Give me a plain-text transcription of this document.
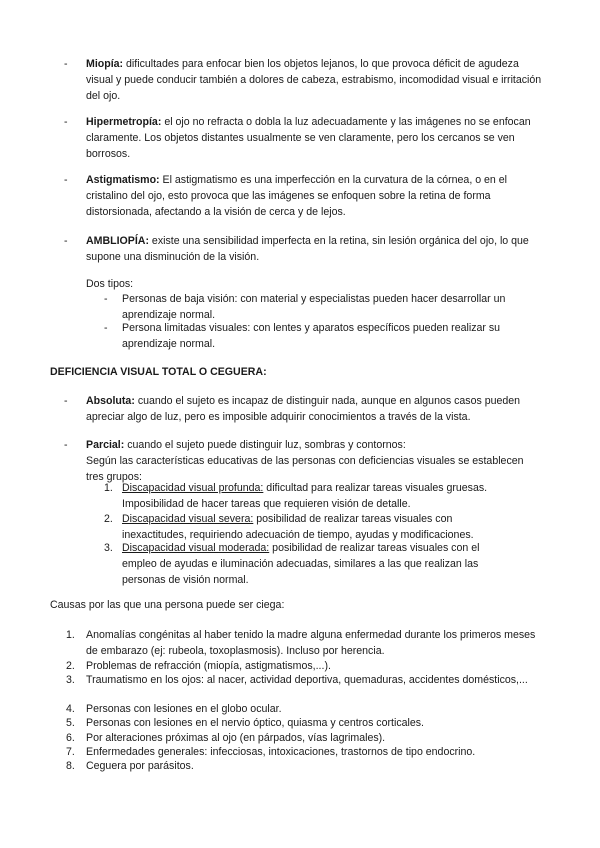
- Miopía: dificultades para enfocar bien los objetos lejanos, lo que provoca déficit de agudeza visual y puede conducir también a dolores de cabeza, estrabismo, incomodidad visual e irritación del ojo.
- Hipermetropía: el ojo no refracta o dobla la luz adecuadamente y las imágenes no se enfocan claramente. Los objetos distantes usualmente se ven claramente, pero los cercanos se ven borrosos.
- Astigmatismo: El astigmatismo es una imperfección en la curvatura de la córnea, o en el cristalino del ojo, esto provoca que las imágenes se enfoquen sobre la retina de forma distorsionada, afectando a la visión de cerca y de lejos.
- AMBLIOPÍA: existe una sensibilidad imperfecta en la retina, sin lesión orgánica del ojo, lo que supone una disminución de la visión.
Dos tipos:
- Personas de baja visión: con material y especialistas pueden hacer desarrollar un aprendizaje normal.
- Persona limitadas visuales: con lentes y aparatos específicos pueden realizar su aprendizaje normal.
DEFICIENCIA VISUAL TOTAL O CEGUERA:
- Absoluta: cuando el sujeto es incapaz de distinguir nada, aunque en algunos casos pueden apreciar algo de luz, pero es imposible adquirir conocimientos a través de la vista.
- Parcial: cuando el sujeto puede distinguir luz, sombras y contornos:
Según las características educativas de las personas con deficiencias visuales se establecen tres grupos:
1. Discapacidad visual profunda: dificultad para realizar tareas visuales gruesas. Imposibilidad de hacer tareas que requieren visión de detalle.
2. Discapacidad visual severa: posibilidad de realizar tareas visuales con inexactitudes, requiriendo adecuación de tiempo, ayudas y modificaciones.
3. Discapacidad visual moderada: posibilidad de realizar tareas visuales con el empleo de ayudas e iluminación adecuadas, similares a las que realizan las personas de visión normal.
Causas por las que una persona puede ser ciega:
1. Anomalías congénitas al haber tenido la madre alguna enfermedad durante los primeros meses de embarazo (ej: rubeola, toxoplasmosis). Incluso por herencia.
2. Problemas de refracción (miopía, astigmatismos,...).
3. Traumatismo en los ojos: al nacer, actividad deportiva, quemaduras, accidentes domésticos,...
4. Personas con lesiones en el globo ocular.
5. Personas con lesiones en el nervio óptico, quiasma y centros corticales.
6. Por alteraciones próximas al ojo (en párpados, vías lagrimales).
7. Enfermedades generales: infecciosas, intoxicaciones, trastornos de tipo endocrino.
8. Ceguera por parásitos.
